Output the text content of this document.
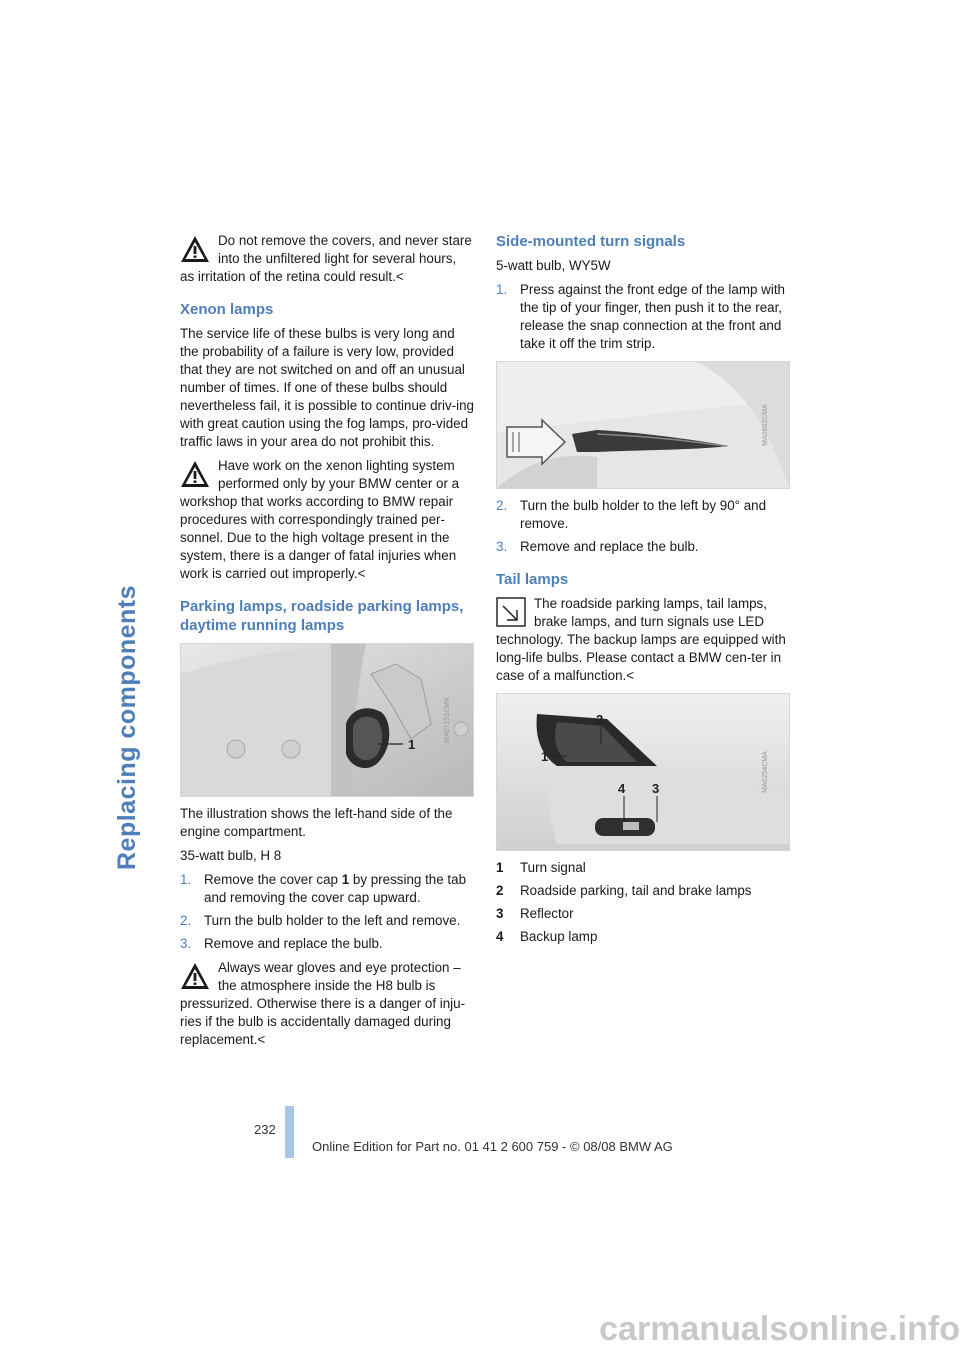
Replacing components
Do not remove the covers, and never stare into the unfiltered light for several hours, as irritation of the retina could result.<
Xenon lamps

The service life of these bulbs is very long and the probability of a failure is very low, provided that they are not switched on and off an unusual number of times. If one of these bulbs should nevertheless fail, it is possible to continue driv-ing with great caution using the fog lamps, pro-vided traffic laws in your area do not prohibit this.

Have work on the xenon lighting system performed only by your BMW center or a workshop that works according to BMW repair procedures with correspondingly trained per-sonnel. Due to the high voltage present in the system, there is a danger of fatal injuries when work is carried out improperly.<
Parking lamps, roadside parking lamps, daytime running lamps
1
MA07151CMA

The illustration shows the left-hand side of the engine compartment.

35-watt bulb, H 8

1. Remove the cover cap 1 by pressing the tab and removing the cover cap upward.
2. Turn the bulb holder to the left and remove.
3. Remove and replace the bulb.
Always wear gloves and eye protection – the atmosphere inside the H8 bulb is pressurized. Otherwise there is a danger of inju-ries if the bulb is accidentally damaged during replacement.<
Side-mounted turn signals

5-watt bulb, WY5W

1. Press against the front edge of the lamp with the tip of your finger, then push it to the rear, release the snap connection at the front and take it off the trim strip.
MA0602CMA
2. Turn the bulb holder to the left by 90° and remove.
3. Remove and replace the bulb.
Tail lamps
The roadside parking lamps, tail lamps, brake lamps, and turn signals use LED technology. The backup lamps are equipped with long-life bulbs. Please contact a BMW cen-ter in case of a malfunction.<
2
1
4 3	MA0254CMA
1 Turn signal
2 Roadside parking, tail and brake lamps
3 Reflector
4 Backup lamp
232
Online Edition for Part no. 01 41 2 600 759 - © 08/08 BMW AG
carmanualsonline.info
